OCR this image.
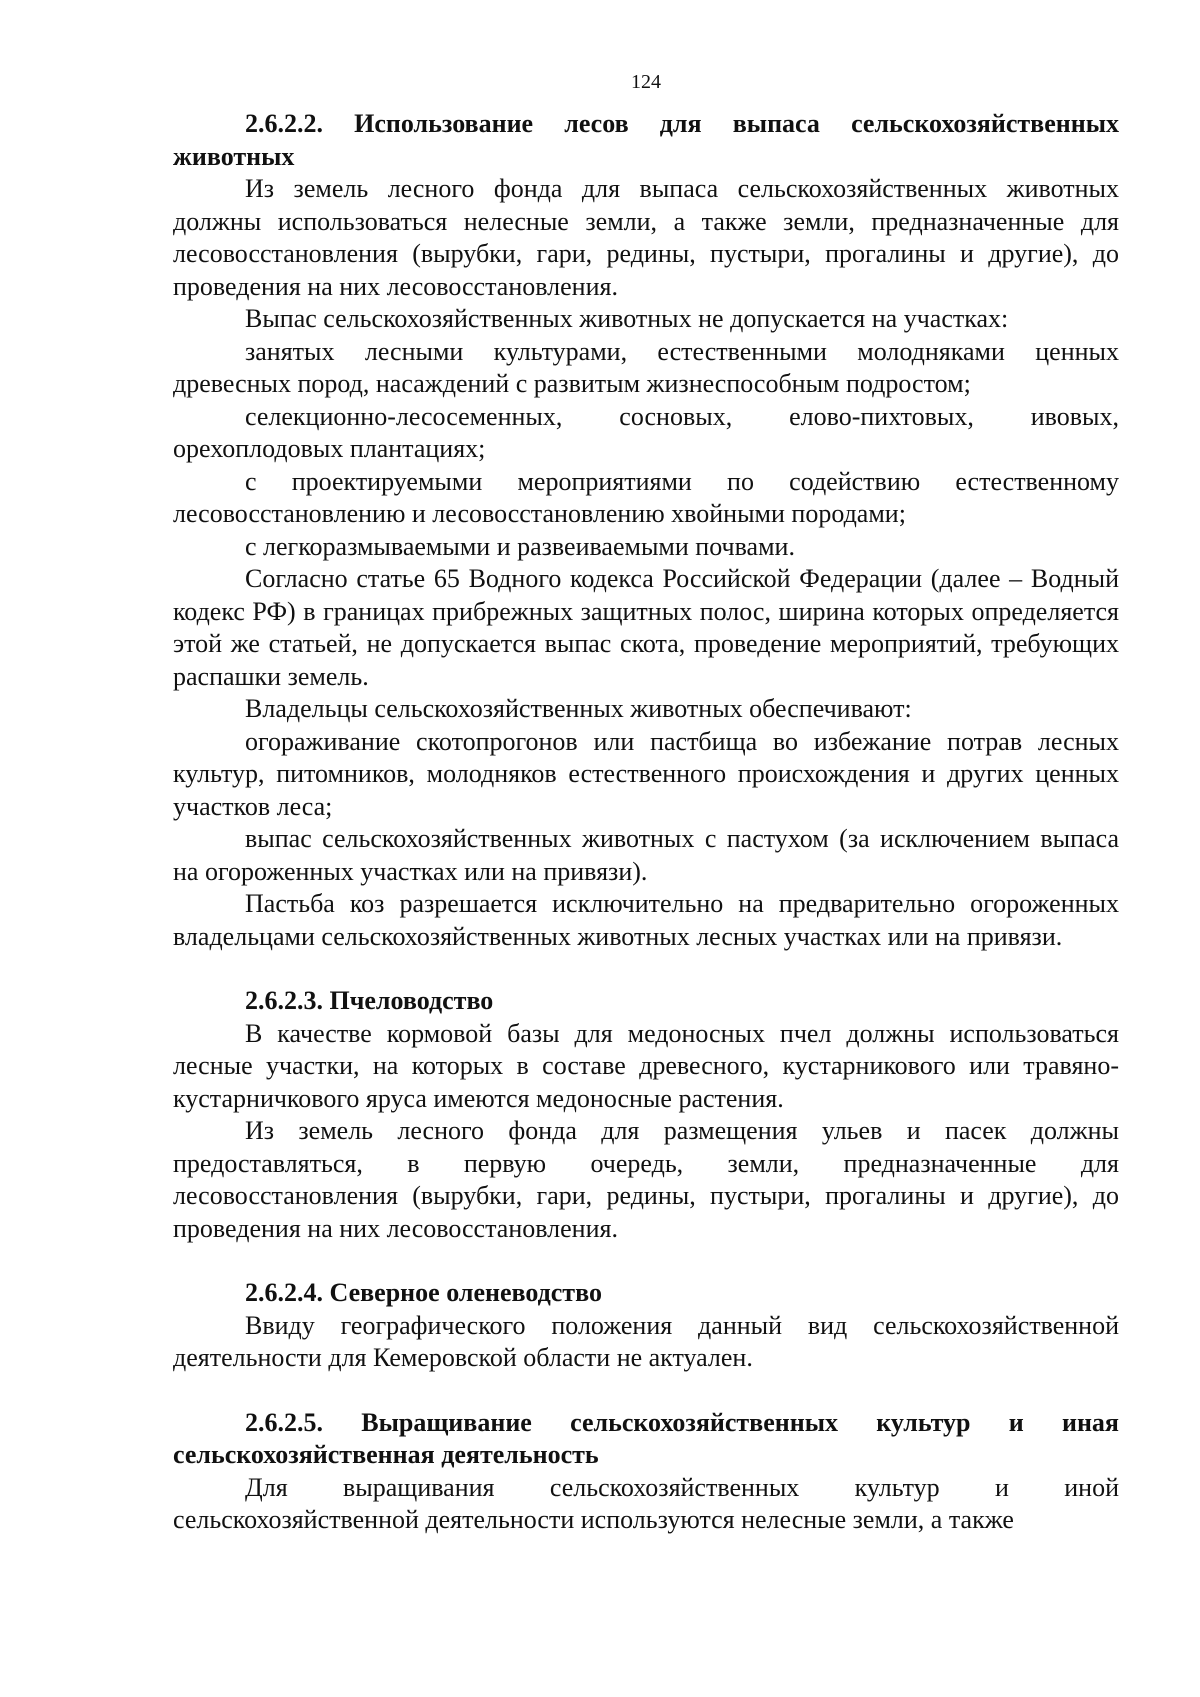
124
2.6.2.2. Использование лесов для выпаса сельскохозяйственных животных

Из земель лесного фонда для выпаса сельскохозяйственных животных должны использоваться нелесные земли, а также земли, предназначенные для лесовосстановления (вырубки, гари, редины, пустыри, прогалины и другие), до проведения на них лесовосстановления.

Выпас сельскохозяйственных животных не допускается на участках:

занятых лесными культурами, естественными молодняками ценных древесных пород, насаждений с развитым жизнеспособным подростом;

селекционно-лесосеменных, сосновых, елово-пихтовых, ивовых, орехоплодовых плантациях;

с проектируемыми мероприятиями по содействию естественному лесовосстановлению и лесовосстановлению хвойными породами;

с легкоразмываемыми и развеиваемыми почвами.

Согласно статье 65 Водного кодекса Российской Федерации (далее – Водный кодекс РФ) в границах прибрежных защитных полос, ширина которых определяется этой же статьей, не допускается выпас скота, проведение мероприятий, требующих распашки земель.

Владельцы сельскохозяйственных животных обеспечивают:

огораживание скотопрогонов или пастбища во избежание потрав лесных культур, питомников, молодняков естественного происхождения и других ценных участков леса;

выпас сельскохозяйственных животных с пастухом (за исключением выпаса на огороженных участках или на привязи).

Пастьба коз разрешается исключительно на предварительно огороженных владельцами сельскохозяйственных животных лесных участках или на привязи.

2.6.2.3. Пчеловодство

В качестве кормовой базы для медоносных пчел должны использоваться лесные участки, на которых в составе древесного, кустарникового или травяно-кустарничкового яруса имеются медоносные растения.

Из земель лесного фонда для размещения ульев и пасек должны предоставляться, в первую очередь, земли, предназначенные для лесовосстановления (вырубки, гари, редины, пустыри, прогалины и другие), до проведения на них лесовосстановления.

2.6.2.4. Северное оленеводство

Ввиду географического положения данный вид сельскохозяйственной деятельности для Кемеровской области не актуален.

2.6.2.5. Выращивание сельскохозяйственных культур и иная сельскохозяйственная деятельность

Для выращивания сельскохозяйственных культур и иной сельскохозяйственной деятельности используются нелесные земли, а также
